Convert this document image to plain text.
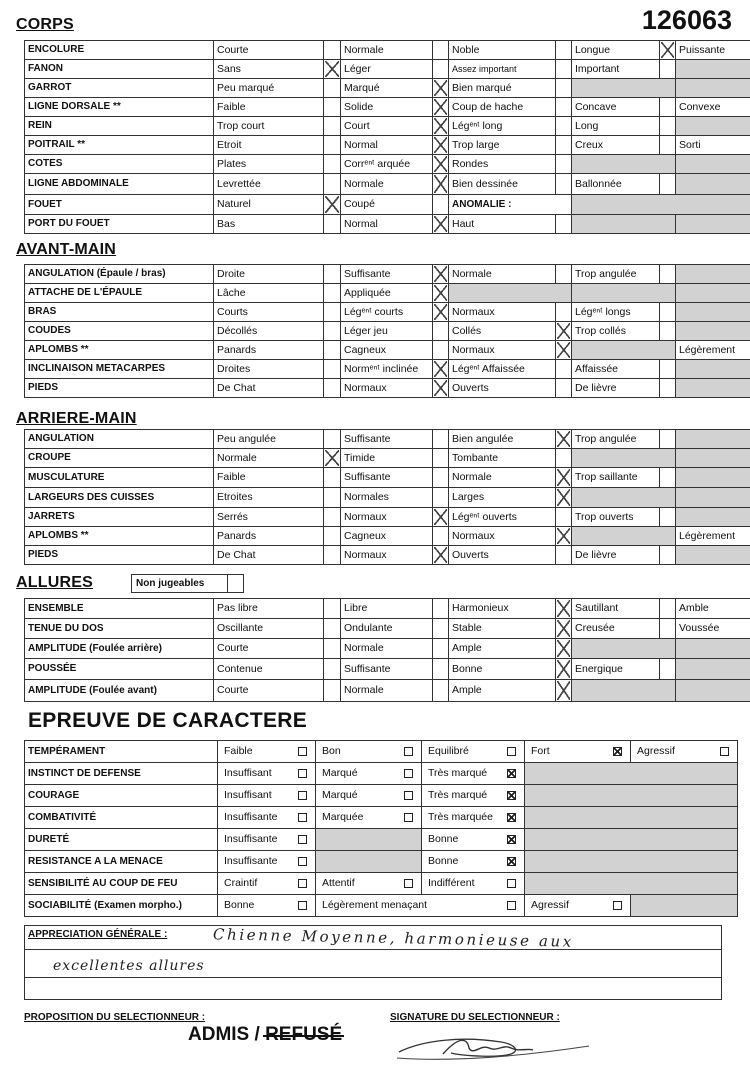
126063
CORPS
ENCOLURE	Courte		Normale		Noble		Longue		Puissante
FANON	Sans		Léger		Assez important		Important		
GARROT	Peu marqué		Marqué		Bien marqué				
LIGNE DORSALE **	Faible		Solide		Coup de hache		Concave		Convexe
REIN	Trop court		Court		Légᵉⁿᵗ long		Long		
POITRAIL **	Etroit		Normal		Trop large		Creux		Sorti
COTES	Plates		Corrᵉⁿᵗ arquée		Rondes				
LIGNE ABDOMINALE	Levrettée		Normale		Bien dessinée		Ballonnée		
FOUET	Naturel		Coupé		ANOMALIE :				
PORT DU FOUET	Bas		Normal		Haut				
AVANT-MAIN
ANGULATION (Épaule / bras)	Droite		Suffisante		Normale		Trop angulée		
ATTACHE DE L'ÉPAULE	Lâche		Appliquée						
BRAS	Courts		Légᵉⁿᵗ courts		Normaux		Légᵉⁿᵗ longs		
COUDES	Décollés		Léger jeu		Collés		Trop collés		
APLOMBS **	Panards		Cagneux		Normaux				Légèrement
INCLINAISON METACARPES	Droites		Normᵉⁿᵗ inclinée		Légᵉⁿᵗ Affaissée		Affaissée		
PIEDS	De Chat		Normaux		Ouverts		De lièvre		
ARRIERE-MAIN
ANGULATION	Peu angulée		Suffisante		Bien angulée		Trop angulée		
CROUPE	Normale		Timide		Tombante				
MUSCULATURE	Faible		Suffisante		Normale		Trop saillante		
LARGEURS DES CUISSES	Etroites		Normales		Larges				
JARRETS	Serrés		Normaux		Légᵉⁿᵗ ouverts		Trop ouverts		
APLOMBS **	Panards		Cagneux		Normaux				Légèrement
PIEDS	De Chat		Normaux		Ouverts		De lièvre		
ALLURES	Non jugeables	
ENSEMBLE	Pas libre		Libre		Harmonieux		Sautillant		Amble
TENUE DU DOS	Oscillante		Ondulante		Stable		Creusée		Voussée
AMPLITUDE (Foulée arrière)	Courte		Normale		Ample				
POUSSÉE	Contenue		Suffisante		Bonne		Energique		
AMPLITUDE (Foulée avant)	Courte		Normale		Ample				
EPREUVE DE CARACTERE
TEMPÉRAMENT	Faible	Bon	Equilibré	Fort	Agressif

INSTINCT DE DEFENSE	Insuffisant	Marqué	Très marqué	

COURAGE	Insuffisant	Marqué	Très marqué	

COMBATIVITÉ	Insuffisante	Marquée	Très marquée	

DURETÉ	Insuffisante		Bonne	

RESISTANCE A LA MENACE	Insuffisante		Bonne	

SENSIBILITÉ AU COUP DE FEU	Craintif	Attentif	Indifférent	

SOCIABILITÉ (Examen morpho.)	Bonne	Légèrement menaçant		Agressif

APPRECIATION GÉNÉRALE :	Chienne Moyenne, harmonieuse aux
excellentes allures
PROPOSITION DU SELECTIONNEUR :	SIGNATURE DU SELECTIONNEUR :
ADMIS / REFUSÉ
